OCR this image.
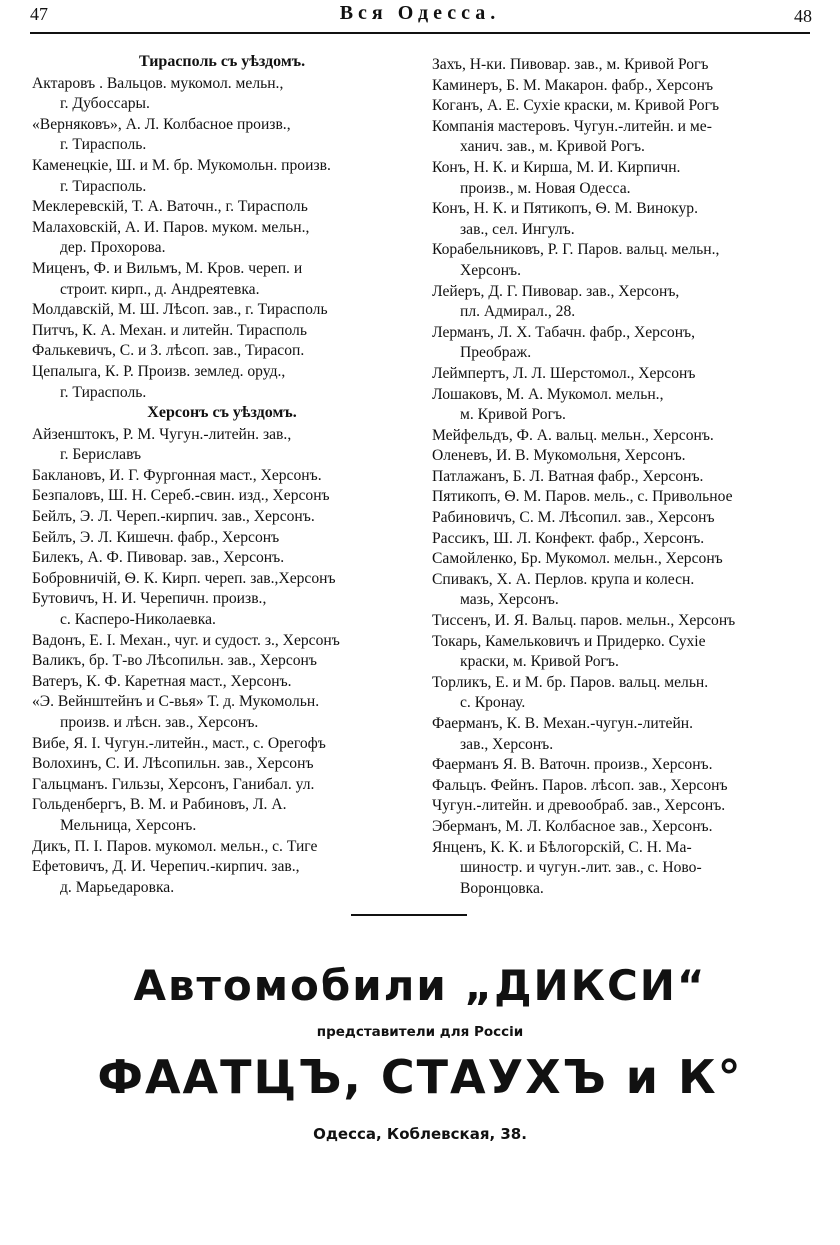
47	Вся Одесса.	48
Тирасполь съ уѣздомъ.
Актаровъ . Вальцов. мукомол. мельн.,
г. Дубоссары.
«Верняковъ», А. Л. Колбасное произв.,
г. Тирасполь.
Каменецкіе, Ш. и М. бр. Мукомольн. произв.
г. Тирасполь.
Меклеревскій, Т. А. Ваточн., г. Тирасполь
Малаховскій, А. И. Паров. муком. мельн.,
дер. Прохорова.
Миценъ, Ф. и Вильмъ, М. Кров. череп. и
строит. кирп., д. Андреятевка.
Молдавскій, М. Ш. Лѣсоп. зав., г. Тирасполь
Питчъ, К. А. Механ. и литейн. Тирасполь
Фалькевичъ, С. и З. лѣсоп. зав., Тирасоп.
Цепалыга, К. Р. Произв. землед. оруд.,
г. Тирасполь.
Херсонъ съ уѣздомъ.
Айзенштокъ, Р. М. Чугун.-литейн. зав.,
г. Бериславъ
Баклановъ, И. Г. Фургонная маст., Херсонъ.
Безпаловъ, Ш. Н. Сереб.-свин. изд., Херсонъ
Бейлъ, Э. Л. Череп.-кирпич. зав., Херсонъ.
Бейлъ, Э. Л. Кишечн. фабр., Херсонъ
Билекъ, А. Ф. Пивовар. зав., Херсонъ.
Бобровничій, Ѳ. К. Кирп. череп. зав.,Херсонъ
Бутовичъ, Н. И. Черепичн. произв.,
с. Касперо-Николаевка.
Вадонъ, Е. I. Механ., чуг. и судост. з., Херсонъ
Валикъ, бр. Т-во Лѣсопильн. зав., Херсонъ
Ватеръ, К. Ф. Каретная маст., Херсонъ.
«Э. Вейнштейнъ и С-вья» Т. д. Мукомольн.
произв. и лѣсн. зав., Херсонъ.
Вибе, Я. I. Чугун.-литейн., маст., с. Орегофъ
Волохинъ, С. И. Лѣсопильн. зав., Херсонъ
Гальцманъ. Гильзы, Херсонъ, Ганибал. ул.
Гольденбергъ, В. М. и Рабиновъ, Л. А.
Мельница, Херсонъ.
Дикъ, П. I. Паров. мукомол. мельн., с. Тиге
Ефетовичъ, Д. И. Черепич.-кирпич. зав.,
д. Марьедаровка.
Захъ, Н-ки. Пивовар. зав., м. Кривой Рогъ
Каминеръ, Б. М. Макарон. фабр., Херсонъ
Коганъ, А. Е. Сухіе краски, м. Кривой Рогъ
Компанія мастеровъ. Чугун.-литейн. и ме-
ханич. зав., м. Кривой Рогъ.
Конъ, Н. К. и Кирша, М. И. Кирпичн.
произв., м. Новая Одесса.
Конъ, Н. К. и Пятикопъ, Ѳ. М. Винокур.
зав., сел. Ингулъ.
Корабельниковъ, Р. Г. Паров. вальц. мельн.,
Херсонъ.
Лейеръ, Д. Г. Пивовар. зав., Херсонъ,
пл. Адмирал., 28.
Лерманъ, Л. Х. Табачн. фабр., Херсонъ,
Преображ.
Леймпертъ, Л. Л. Шерстомол., Херсонъ
Лошаковъ, М. А. Мукомол. мельн.,
м. Кривой Рогъ.
Мейфельдъ, Ф. А. вальц. мельн., Херсонъ.
Оленевъ, И. В. Мукомольня, Херсонъ.
Патлажанъ, Б. Л. Ватная фабр., Херсонъ.
Пятикопъ, Ѳ. М. Паров. мель., с. Привольное
Рабиновичъ, С. М. Лѣсопил. зав., Херсонъ
Рассикъ, Ш. Л. Конфект. фабр., Херсонъ.
Самойленко, Бр. Мукомол. мельн., Херсонъ
Спивакъ, Х. А. Перлов. крупа и колесн.
мазь, Херсонъ.
Тиссенъ, И. Я. Вальц. паров. мельн., Херсонъ
Токарь, Камельковичъ и Придерко. Сухіе
краски, м. Кривой Рогъ.
Торликъ, Е. и М. бр. Паров. вальц. мельн.
с. Кронау.
Фаерманъ, К. В. Механ.-чугун.-литейн.
зав., Херсонъ.
Фаерманъ Я. В. Ваточн. произв., Херсонъ.
Фальцъ. Фейнъ. Паров. лѣсоп. зав., Херсонъ
Чугун.-литейн. и древообраб. зав., Херсонъ.
Эберманъ, М. Л. Колбасное зав., Херсонъ.
Янценъ, К. К. и Бѣлогорскій, С. Н. Ма-
шиностр. и чугун.-лит. зав., с. Ново-
Воронцовка.
Автомобили „ДИКСИ“
представители для Россіи
ФААТЦЪ, СТАУХЪ и К°
Одесса, Коблевская, 38.
